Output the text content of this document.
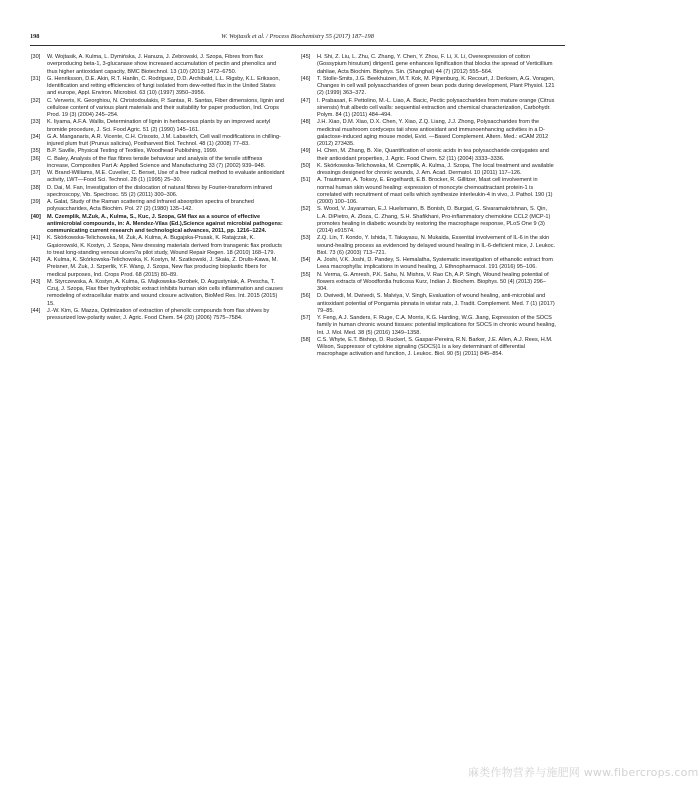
198	W. Wojtasik et al. / Process Biochemistry 55 (2017) 187–198
[30]	W. Wojtasik, A. Kulma, L. Dymińska, J. Hanuza, J. Zebrowski, J. Szopa, Fibres from flax overproducing beta-1, 3-glucanase show increased accumulation of pectin and phenolics and thus higher antioxidant capacity, BMC Biotechnol. 13 (10) (2013) 1472–6750.
[31]	G. Henriksson, D.E. Akin, R.T. Hanlin, C. Rodriguez, D.D. Archibald, L.L. Rigsby, K.L. Eriksson, Identification and retting efficiencies of fungi isolated from dew-retted flax in the United States and europe, Appl. Environ. Microbiol. 63 (10) (1997) 3950–3956.
[32]	C. Ververis, K. Georghiou, N. Christodoulakis, P. Santas, R. Santas, Fiber dimensions, lignin and cellulose content of various plant materials and their suitability for paper production, Ind. Crops Prod. 19 (3) (2004) 245–254.
[33]	K. Iiyama, A.F.A. Wallis, Determination of lignin in herbaceous plants by an improved acetyl bromide procedure, J. Sci. Food Agric. 51 (2) (1990) 145–161.
[34]	G.A. Manganaris, A.R. Vicente, C.H. Crisosto, J.M. Labavitch, Cell wall modifications in chilling-injured plum fruit (Prunus salicina), Postharvest Biol. Technol. 48 (1) (2008) 77–83.
[35]	B.P. Saville, Physical Testing of Textiles, Woodhead Publishing, 1999.
[36]	C. Baley, Analysis of the flax fibres tensile behaviour and analysis of the tensile stiffness increase, Composites Part A: Applied Science and Manufacturing 33 (7) (2002) 939–948.
[37]	W. Brand-Williams, M.E. Cuvelier, C. Berset, Use of a free radical method to evaluate antioxidant activity, LWT—Food Sci. Technol. 28 (1) (1995) 25–30.
[38]	D. Dai, M. Fan, Investigation of the dislocation of natural fibres by Fourier-transform infrared spectroscopy, Vib. Spectrosc. 55 (2) (2011) 300–306.
[39]	A. Galat, Study of the Raman scattering and infrared absorption spectra of branched polysaccharides, Acta Biochim. Pol. 27 (2) (1980) 135–142.
[40]	M. Czemplik, M.Zuk, A., Kulma, S., Kuc, J. Szopa, GM flax as a source of effective antimicrobial compounds, in: A. Mendez-Vilas (Ed.),Science against microbial pathogens: communicating current research and technological advances, 2011, pp. 1216–1224.
[41]	K. Skórkowska-Telichowska, M. Żuk, A. Kulma, A. Bugajska-Prusak, K. Ratajczak, K. Gąsiorowski, K. Kostyn, J. Szopa, New dressing materials derived from transgenic flax products to treat long-standing venous ulcers?a pilot study, Wound Repair Regen. 18 (2010) 168–179.
[42]	A. Kulma, K. Skórkowska-Telichowska, K. Kostyn, M. Szatkowski, J. Skała, Z. Drulis-Kawa, M. Preisner, M. Żuk, J. Szperlik, Y.F. Wang, J. Szopa, New flax producing bioplastic fibers for medical purposes, Ind. Crops Prod. 68 (2015) 80–89.
[43]	M. Styrczewska, A. Kostyn, A. Kulma, G. Majkowska-Skrobek, D. Augustyniak, A. Prescha, T. Czuj, J. Szopa, Flax fiber hydrophobic extract inhibits human skin cells inflammation and causes remodeling of extracellular matrix and wound closure activation, BioMed Res. Int. 2015 (2015) 15.
[44]	J.-W. Kim, G. Mazza, Optimization of extraction of phenolic compounds from flax shives by pressurized low-polarity water, J. Agric. Food Chem. 54 (20) (2006) 7575–7584.
[45]	H. Shi, Z. Liu, L. Zhu, C. Zhang, Y. Chen, Y. Zhou, F. Li, X. Li, Overexpression of cotton (Gossypium hirsutum) dirigent1 gene enhances lignification that blocks the spread of Verticillium dahliae, Acta Biochim. Biophys. Sin. (Shanghai) 44 (7) (2012) 555–564.
[46]	T. Stolle-Smits, J.G. Beekhuizen, M.T. Kok, M. Pijnenburg, K. Recourt, J. Derksen, A.G. Voragen, Changes in cell wall polysaccharides of green bean pods during development, Plant Physiol. 121 (2) (1999) 363–372.
[47]	I. Prabasari, F. Pettolino, M.-L. Liao, A. Bacic, Pectic polysaccharides from mature orange (Citrus sinensis) fruit albedo cell walls: sequential extraction and chemical characterization, Carbohydr. Polym. 84 (1) (2011) 484–494.
[48]	J.H. Xiao, D.M. Xiao, D.X. Chen, Y. Xiao, Z.Q. Liang, J.J. Zhong, Polysaccharides from the medicinal mushroom cordyceps taii show antioxidant and immunoenhancing activities in a D-galactose-induced aging mouse model, Evid. —Based Complement. Altern. Med.: eCAM 2012 (2012) 273435.
[49]	H. Chen, M. Zhang, B. Xie, Quantification of uronic acids in tea polysaccharide conjugates and their antioxidant properties, J. Agric. Food Chem. 52 (11) (2004) 3333–3336.
[50]	K. Skórkowska-Telichowska, M. Czemplik, A. Kulma, J. Szopa, The local treatment and available dressings designed for chronic wounds, J. Am. Acad. Dermatol. 10 (2011) 117–126.
[51]	A. Trautmann, A. Toksoy, E. Engelhardt, E.B. Brocker, R. Gillitzer, Mast cell involvement in normal human skin wound healing: expression of monocyte chemoattractant protein-1 is correlated with recruitment of mast cells which synthesize interleukin-4 in vivo, J. Pathol. 190 (1) (2000) 100–106.
[52]	S. Wood, V. Jayaraman, E.J. Huelsmann, B. Bonish, D. Burgad, G. Sivaramakrishnan, S. Qin, L.A. DiPietro, A. Zloza, C. Zhang, S.H. Shafikhani, Pro-inflammatory chemokine CCL2 (MCP-1) promotes healing in diabetic wounds by restoring the macrophage response, PLoS One 9 (3) (2014) e91574.
[53]	Z.Q. Lin, T. Kondo, Y. Ishida, T. Takayasu, N. Mukaida, Essential involvement of IL-6 in the skin wound-healing process as evidenced by delayed wound healing in IL-6-deficient mice, J. Leukoc. Biol. 73 (6) (2003) 713–721.
[54]	A. Joshi, V.K. Joshi, D. Pandey, S. Hemalatha, Systematic investigation of ethanolic extract from Leea macrophylla: implications in wound healing, J. Ethnopharmacol. 191 (2016) 95–106.
[55]	N. Verma, G. Amresh, P.K. Sahu, N. Mishra, V. Rao Ch, A.P. Singh, Wound healing potential of flowers extracts of Woodfordia fruticosa Kurz, Indian J. Biochem. Biophys. 50 (4) (2013) 296–304.
[56]	D. Dwivedi, M. Dwivedi, S. Malviya, V. Singh, Evaluation of wound healing, anti-microbial and antioxidant potential of Pongamia pinnata in wistar rats, J. Tradit. Complement. Med. 7 (1) (2017) 79–85.
[57]	Y. Feng, A.J. Sanders, F. Ruge, C.A. Morris, K.G. Harding, W.G. Jiang, Expression of the SOCS family in human chronic wound tissues: potential implications for SOCS in chronic wound healing, Int. J. Mol. Med. 38 (5) (2016) 1349–1358.
[58]	C.S. Whyte, E.T. Bishop, D. Ruckerl, S. Gaspar-Pereira, R.N. Barker, J.E. Allen, A.J. Rees, H.M. Wilson, Suppressor of cytokine signaling (SOCS)1 is a key determinant of differential macrophage activation and function, J. Leukoc. Biol. 90 (5) (2011) 845–854.
麻类作物营养与施肥网 www.fibercrops.com
